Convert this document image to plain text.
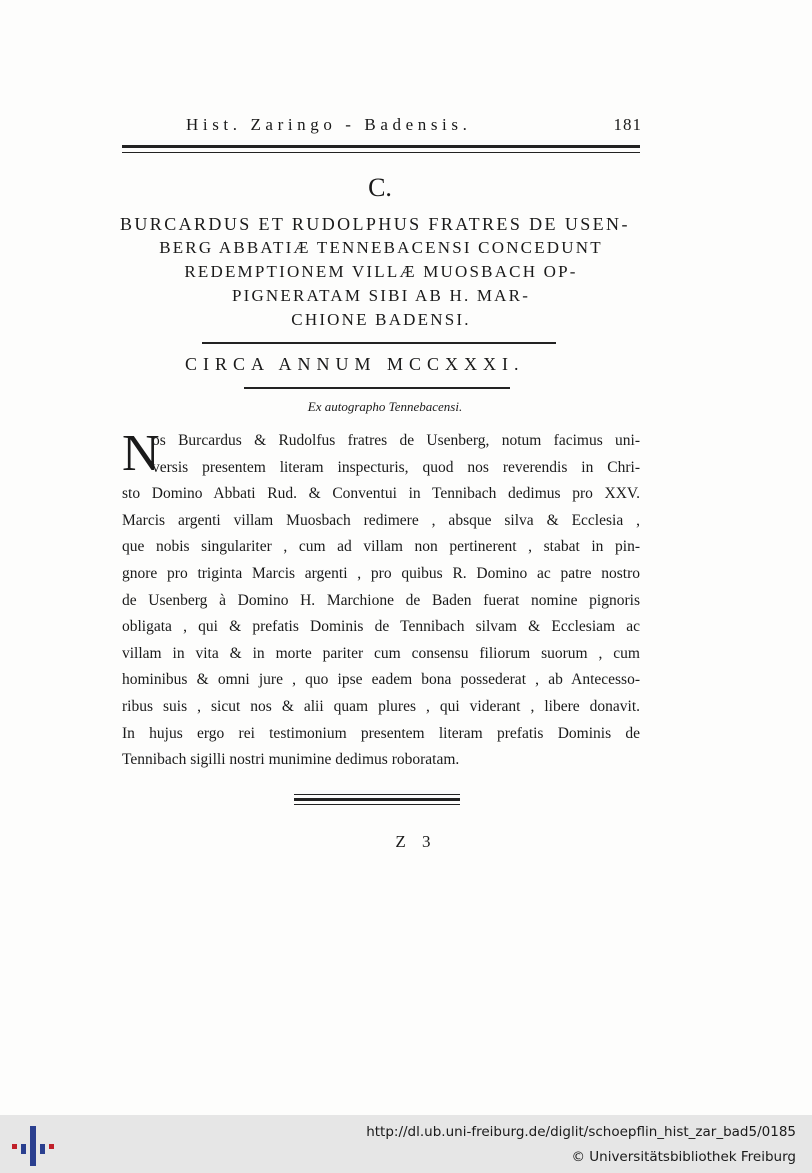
Hist. Zaringo - Badensis.	181
C.
BURCARDUS ET RUDOLPHUS FRATRES DE USEN-
BERG ABBATIÆ TENNEBACENSI CONCEDUNT
REDEMPTIONEM VILLÆ MUOSBACH OP-
PIGNERATAM SIBI AB H. MAR-
CHIONE BADENSI.
CIRCA ANNUM MCCXXXI.
Ex autographo Tennebacensi.
N
os Burcardus & Rudolfus fratres de Usenberg, notum facimus uni-
versis presentem literam inspecturis, quod nos reverendis in Chri-
sto Domino Abbati Rud. & Conventui in Tennibach dedimus pro XXV.
Marcis argenti villam Muosbach redimere , absque silva & Ecclesia ,
que nobis singulariter , cum ad villam non pertinerent , stabat in pin-
gnore pro triginta Marcis argenti , pro quibus R. Domino ac patre nostro
de Usenberg à Domino H. Marchione de Baden fuerat nomine pignoris
obligata , qui & prefatis Dominis de Tennibach silvam & Ecclesiam ac
villam in vita & in morte pariter cum consensu filiorum suorum , cum
hominibus & omni jure , quo ipse eadem bona possederat , ab Antecesso-
ribus suis , sicut nos & alii quam plures , qui viderant , libere donavit.
In hujus ergo rei testimonium presentem literam prefatis Dominis de
Tennibach sigilli nostri munimine dedimus roboratam.
Z 3
http://dl.ub.uni-freiburg.de/diglit/schoepflin_hist_zar_bad5/0185
© Universitätsbibliothek Freiburg
